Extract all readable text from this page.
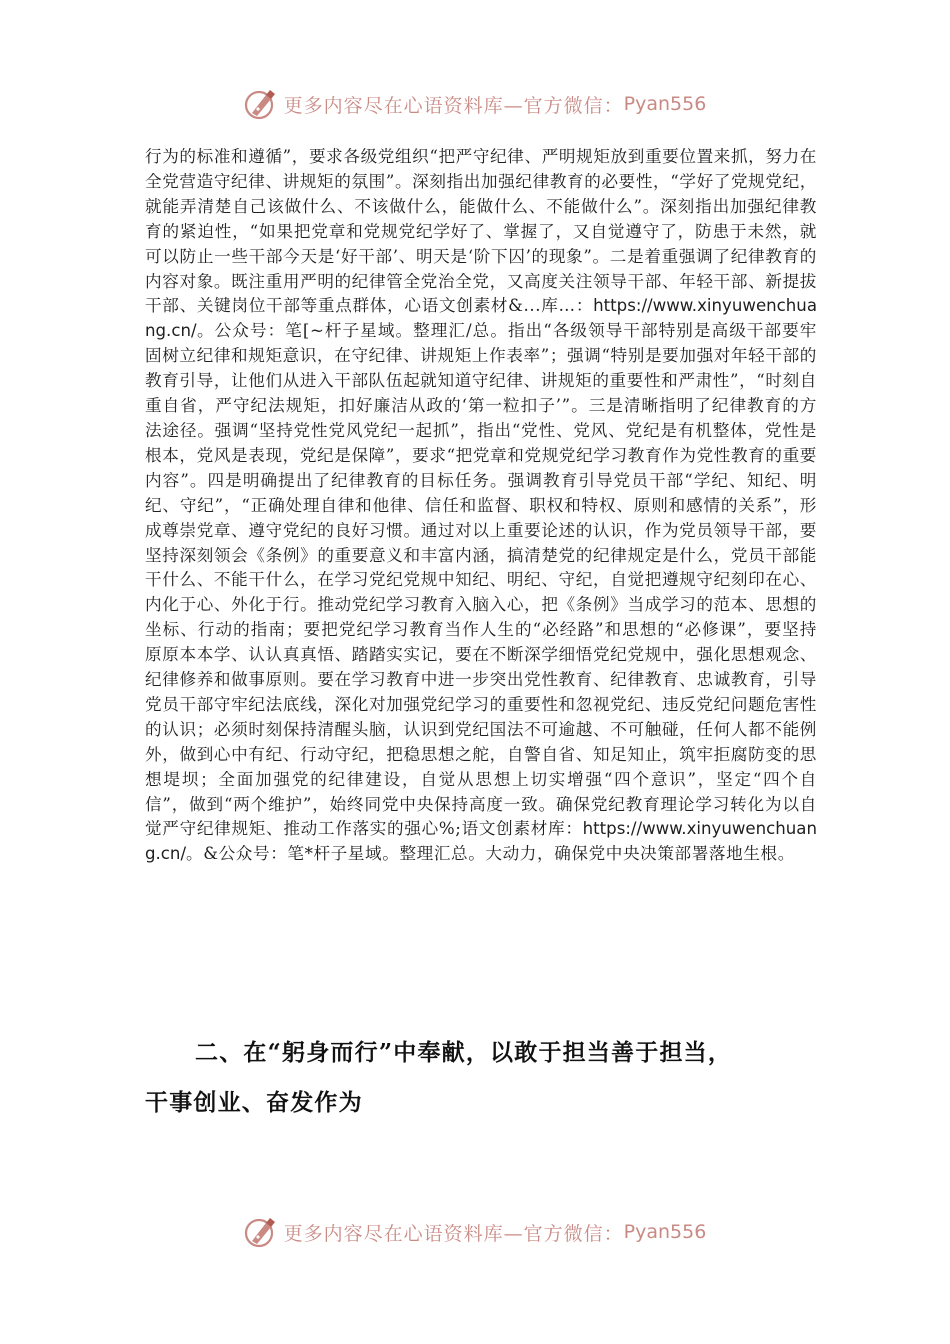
更多内容尽在心语资料库—官方微信： Pyan556
行为的标准和遵循”，要求各级党组织“把严守纪律、严明规矩放到重要位置来抓，努力在全党营造守纪律、讲规矩的氛围”。深刻指出加强纪律教育的必要性，“学好了党规党纪，就能弄清楚自己该做什么、不该做什么，能做什么、不能做什么”。深刻指出加强纪律教育的紧迫性，“如果把党章和党规党纪学好了、掌握了，又自觉遵守了，防患于未然，就可以防止一些干部今天是‘好干部’、明天是‘阶下囚’的现象”。二是着重强调了纪律教育的内容对象。既注重用严明的纪律管全党治全党，又高度关注领导干部、年轻干部、新提拔干部、关键岗位干部等重点群体，心语文创素材&...库…：https://www.xinyuwenchuang.cn/。公众号：笔[~杆子星域。整理汇/总。指出“各级领导干部特别是高级干部要牢固树立纪律和规矩意识，在守纪律、讲规矩上作表率”；强调“特别是要加强对年轻干部的教育引导，让他们从进入干部队伍起就知道守纪律、讲规矩的重要性和严肃性”，“时刻自重自省，严守纪法规矩，扣好廉洁从政的‘第一粒扣子’”。三是清晰指明了纪律教育的方法途径。强调“坚持党性党风党纪一起抓”，指出“党性、党风、党纪是有机整体，党性是根本，党风是表现，党纪是保障”，要求“把党章和党规党纪学习教育作为党性教育的重要内容”。四是明确提出了纪律教育的目标任务。强调教育引导党员干部“学纪、知纪、明纪、守纪”，“正确处理自律和他律、信任和监督、职权和特权、原则和感情的关系”，形成尊崇党章、遵守党纪的良好习惯。通过对以上重要论述的认识，作为党员领导干部，要坚持深刻领会《条例》的重要意义和丰富内涵，搞清楚党的纪律规定是什么，党员干部能干什么、不能干什么，在学习党纪党规中知纪、明纪、守纪，自觉把遵规守纪刻印在心、内化于心、外化于行。推动党纪学习教育入脑入心，把《条例》当成学习的范本、思想的坐标、行动的指南；要把党纪学习教育当作人生的“必经路”和思想的“必修课”，要坚持原原本本学、认认真真悟、踏踏实实记，要在不断深学细悟党纪党规中，强化思想观念、纪律修养和做事原则。要在学习教育中进一步突出党性教育、纪律教育、忠诚教育，引导党员干部守牢纪法底线，深化对加强党纪学习的重要性和忽视党纪、违反党纪问题危害性的认识；必须时刻保持清醒头脑，认识到党纪国法不可逾越、不可触碰，任何人都不能例外，做到心中有纪、行动守纪，把稳思想之舵，自警自省、知足知止，筑牢拒腐防变的思想堤坝；全面加强党的纪律建设，自觉从思想上切实增强“四个意识”，坚定“四个自信”，做到“两个维护”，始终同党中央保持高度一致。确保党纪教育理论学习转化为以自觉严守纪律规矩、推动工作落实的强心%;语文创素材库：https://www.xinyuwenchuang.cn/。&公众号：笔*杆子星域。整理汇总。大动力，确保党中央决策部署落地生根。
二、在“躬身而行”中奉献，以敢于担当善于担当，
干事创业、奋发作为
更多内容尽在心语资料库—官方微信： Pyan556
